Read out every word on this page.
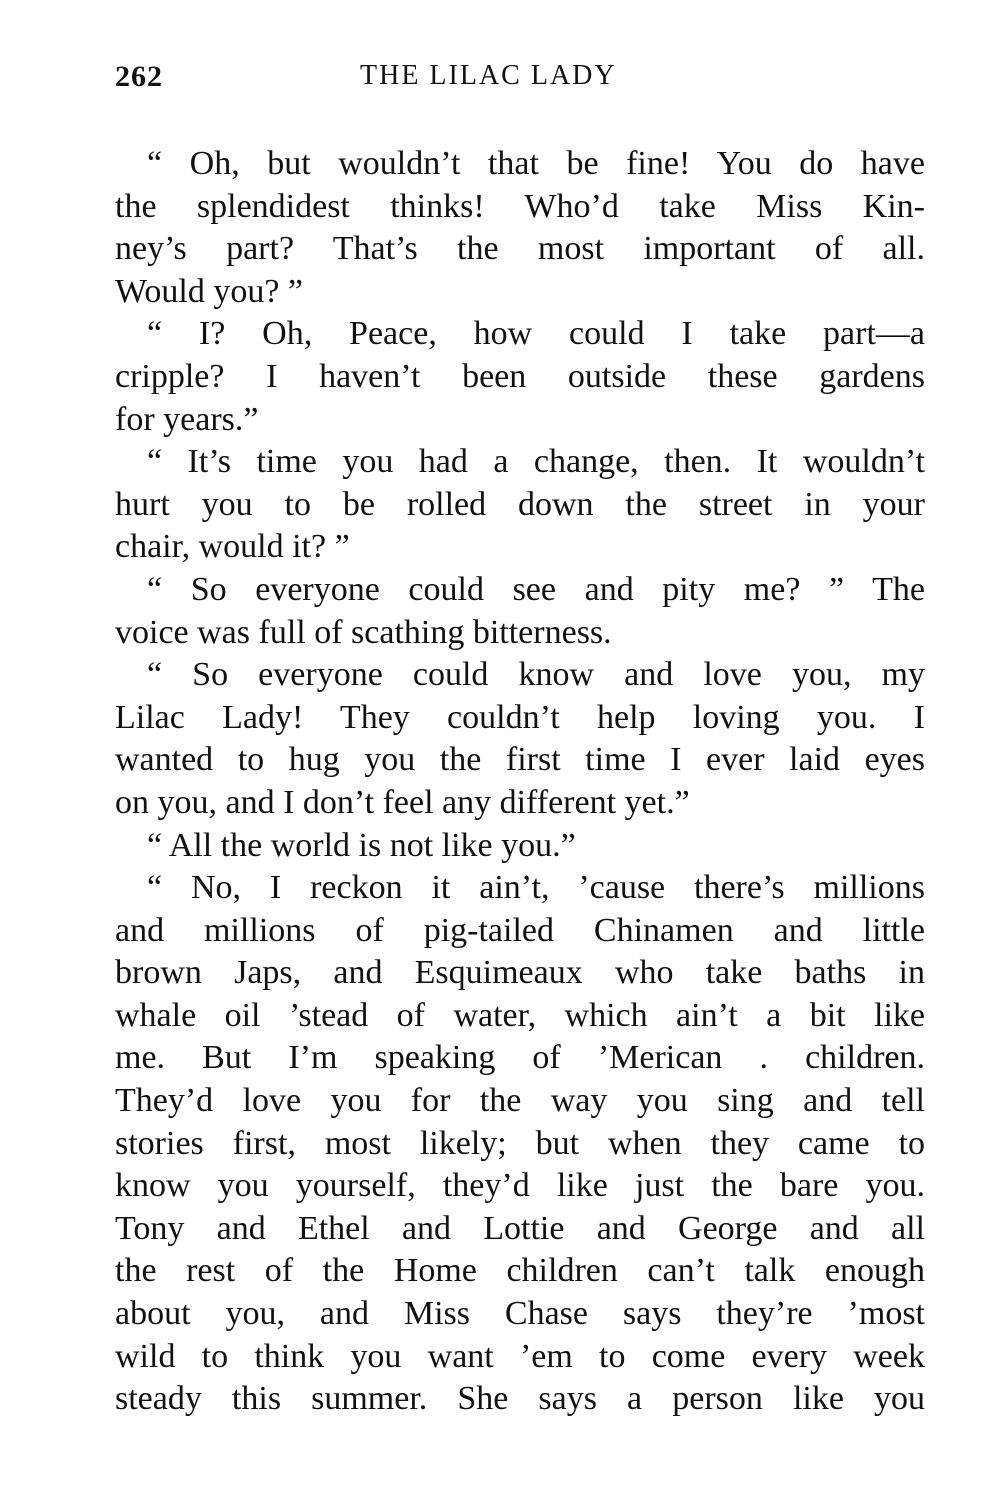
262	THE LILAC LADY
“ Oh, but wouldn’t that be fine! You do have
the splendidest thinks! Who’d take Miss Kin-
ney’s part? That’s the most important of all.
Would you? ”
“ I? Oh, Peace, how could I take part—a
cripple? I haven’t been outside these gardens
for years.”
“ It’s time you had a change, then. It wouldn’t
hurt you to be rolled down the street in your
chair, would it? ”
“ So everyone could see and pity me? ” The
voice was full of scathing bitterness.
“ So everyone could know and love you, my
Lilac Lady! They couldn’t help loving you. I
wanted to hug you the first time I ever laid eyes
on you, and I don’t feel any different yet.”
“ All the world is not like you.”
“ No, I reckon it ain’t, ’cause there’s millions
and millions of pig-tailed Chinamen and little
brown Japs, and Esquimeaux who take baths in
whale oil ’stead of water, which ain’t a bit like
me. But I’m speaking of ’Merican . children.
They’d love you for the way you sing and tell
stories first, most likely; but when they came to
know you yourself, they’d like just the bare you.
Tony and Ethel and Lottie and George and all
the rest of the Home children can’t talk enough
about you, and Miss Chase says they’re ’most
wild to think you want ’em to come every week
steady this summer. She says a person like you
